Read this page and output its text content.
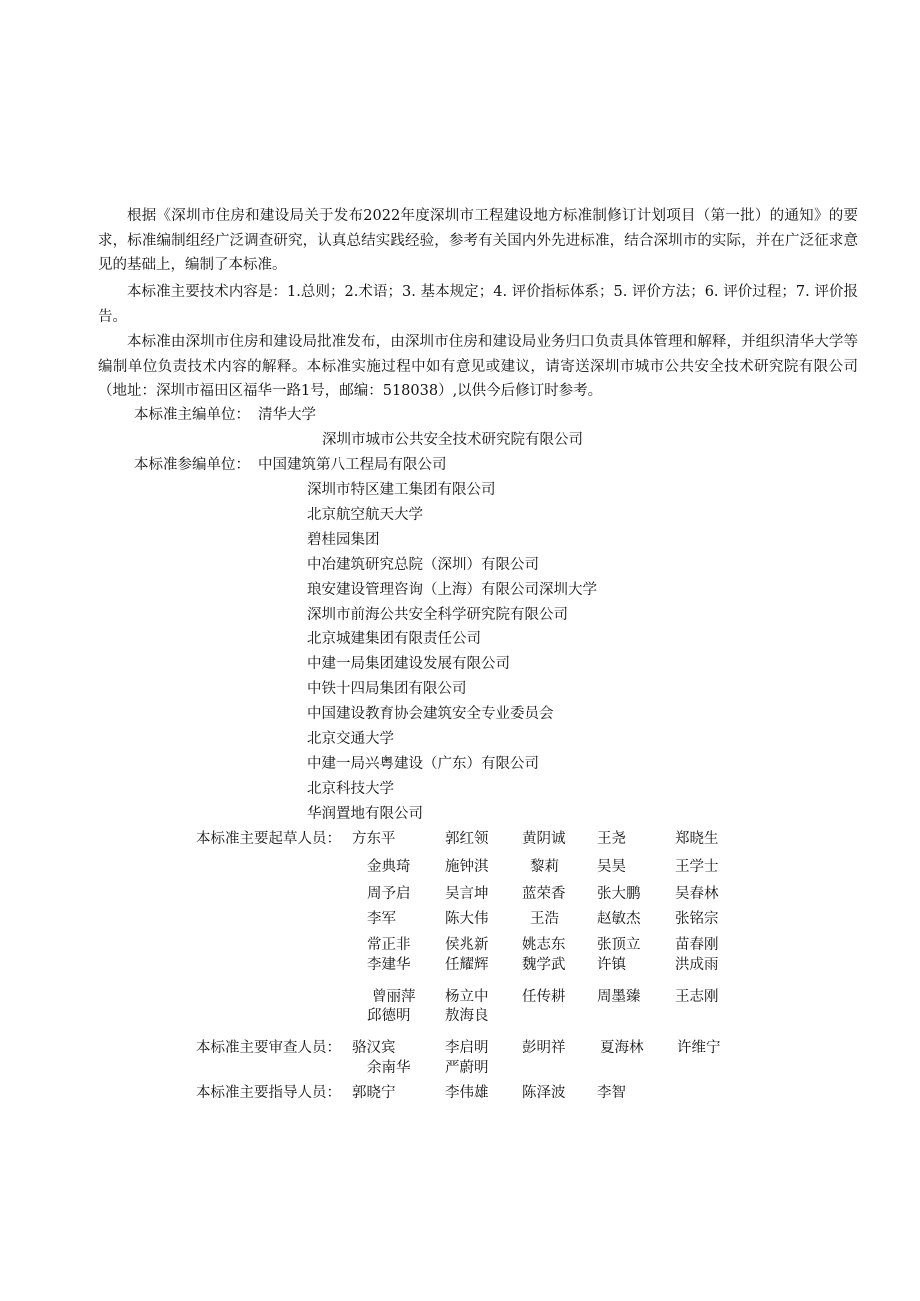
根据《深圳市住房和建设局关于发布2022年度深圳市工程建设地方标准制修订计划项目（第一批）的通知》的要求，标准编制组经广泛调查研究，认真总结实践经验，参考有关国内外先进标准，结合深圳市的实际，并在广泛征求意见的基础上，编制了本标准。

本标准主要技术内容是：1.总则；2.术语；3. 基本规定；4. 评价指标体系；5. 评价方法；6. 评价过程；7. 评价报告。

本标准由深圳市住房和建设局批准发布，由深圳市住房和建设局业务归口负责具体管理和解释，并组织清华大学等编制单位负责技术内容的解释。本标准实施过程中如有意见或建议，请寄送深圳市城市公共安全技术研究院有限公司（地址：深圳市福田区福华一路1号，邮编：518038）,以供今后修订时参考。

本标准主编单位： 清华大学
深圳市城市公共安全技术研究院有限公司
本标准参编单位： 中国建筑第八工程局有限公司
深圳市特区建工集团有限公司
北京航空航天大学
碧桂园集团
中冶建筑研究总院（深圳）有限公司
琅安建设管理咨询（上海）有限公司深圳大学
深圳市前海公共安全科学研究院有限公司
北京城建集团有限责任公司
中建一局集团建设发展有限公司
中铁十四局集团有限公司
中国建设教育协会建筑安全专业委员会
北京交通大学
中建一局兴粤建设（广东）有限公司
北京科技大学
华润置地有限公司
本标准主要起草人员： 方东平	郭红领 黄阴诚 王尧	郑晓生
金典琦 施钟淇	黎莉	吴昊	王学士
周予启 吴言坤 蓝荣香 张大鹏 吴春林
李军	陈大伟	王浩	赵敏杰 张铭宗
常正非 侯兆新 姚志东 张顶立 苗春刚
李建华 任耀辉 魏学武 许镇	洪成雨
曾丽萍 杨立中 任传耕 周墨臻 王志刚
邱德明 敖海良
本标准主要审查人员： 骆汉宾	李启明 彭明祥 夏海林 许维宁
余南华 严蔚明
本标准主要指导人员： 郭晓宁	李伟雄 陈泽波 李智
